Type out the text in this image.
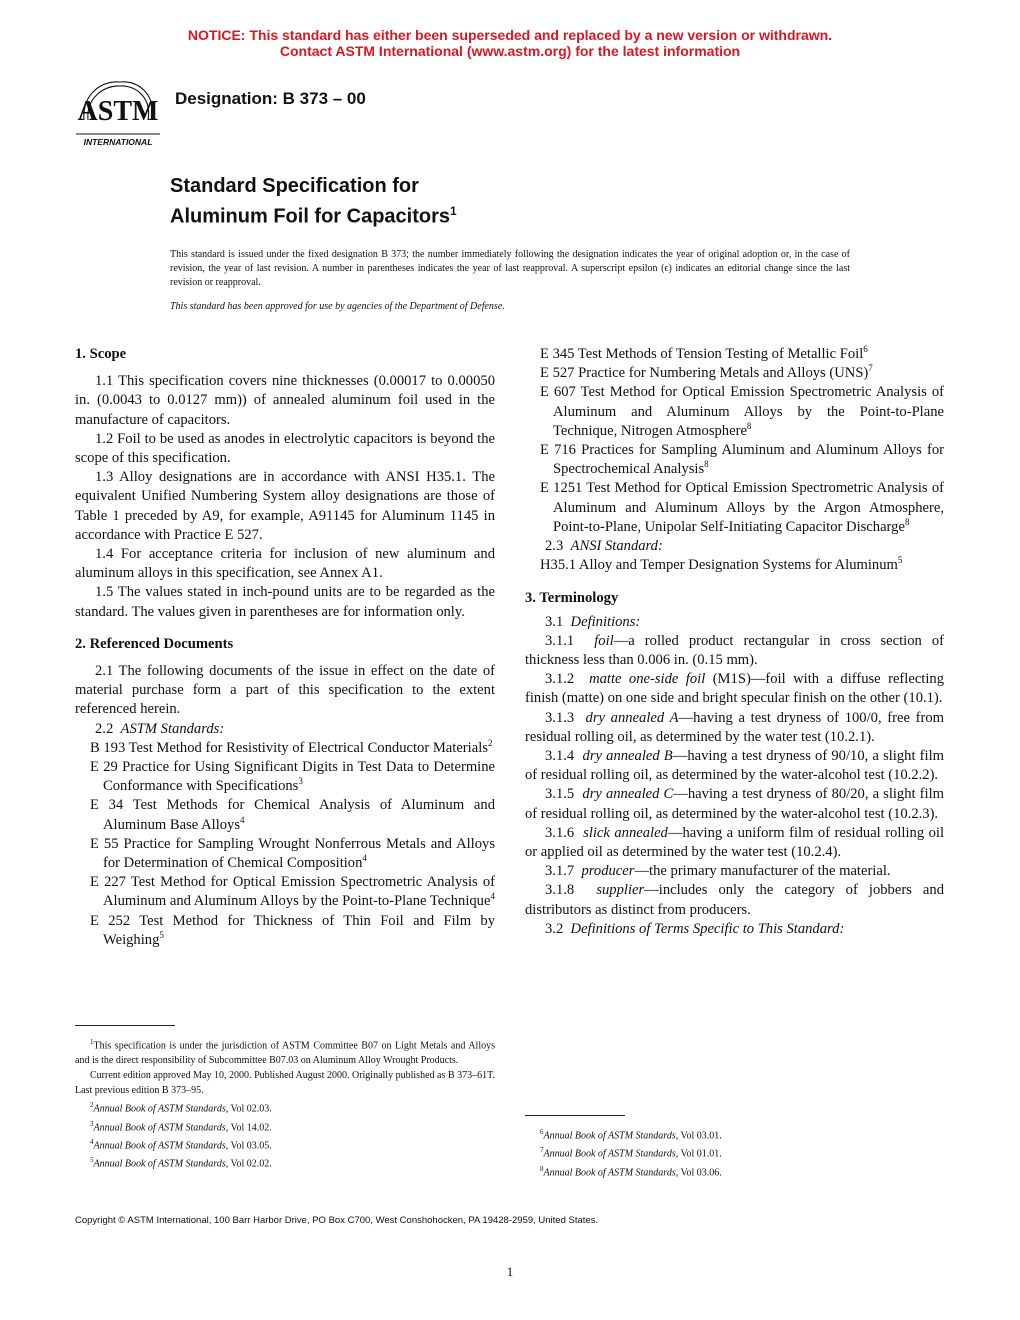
NOTICE: This standard has either been superseded and replaced by a new version or withdrawn.
Contact ASTM International (www.astm.org) for the latest information
ASTM
INTERNATIONAL
Designation: B 373 – 00
Standard Specification for
Aluminum Foil for Capacitors$^1$
This standard is issued under the fixed designation B 373; the number immediately following the designation indicates the year of original adoption or, in the case of revision, the year of last revision. A number in parentheses indicates the year of last reapproval. A superscript epsilon (ϵ) indicates an editorial change since the last revision or reapproval.
This standard has been approved for use by agencies of the Department of Defense.
1. Scope

1.1 This specification covers nine thicknesses (0.00017 to 0.00050 in. (0.0043 to 0.0127 mm)) of annealed aluminum foil used in the manufacture of capacitors.

1.2 Foil to be used as anodes in electrolytic capacitors is beyond the scope of this specification.

1.3 Alloy designations are in accordance with ANSI H35.1. The equivalent Unified Numbering System alloy designations are those of Table 1 preceded by A9, for example, A91145 for Aluminum 1145 in accordance with Practice E 527.

1.4 For acceptance criteria for inclusion of new aluminum and aluminum alloys in this specification, see Annex A1.

1.5 The values stated in inch-pound units are to be regarded as the standard. The values given in parentheses are for information only.

2. Referenced Documents

2.1 The following documents of the issue in effect on the date of material purchase form a part of this specification to the extent referenced herein.

2.2 ASTM Standards:

B 193 Test Method for Resistivity of Electrical Conductor Materials$^2$

E 29 Practice for Using Significant Digits in Test Data to Determine Conformance with Specifications$^3$

E 34 Test Methods for Chemical Analysis of Aluminum and Aluminum Base Alloys$^4$

E 55 Practice for Sampling Wrought Nonferrous Metals and Alloys for Determination of Chemical Composition$^4$

E 227 Test Method for Optical Emission Spectrometric Analysis of Aluminum and Aluminum Alloys by the Point-to-Plane Technique$^4$

E 252 Test Method for Thickness of Thin Foil and Film by Weighing$^5$

E 345 Test Methods of Tension Testing of Metallic Foil$^6$

E 527 Practice for Numbering Metals and Alloys (UNS)$^7$

E 607 Test Method for Optical Emission Spectrometric Analysis of Aluminum and Aluminum Alloys by the Point-to-Plane Technique, Nitrogen Atmosphere$^8$

E 716 Practices for Sampling Aluminum and Aluminum Alloys for Spectrochemical Analysis$^8$

E 1251 Test Method for Optical Emission Spectrometric Analysis of Aluminum and Aluminum Alloys by the Argon Atmosphere, Point-to-Plane, Unipolar Self-Initiating Capacitor Discharge$^8$

2.3 ANSI Standard:

H35.1 Alloy and Temper Designation Systems for Aluminum$^5$

3. Terminology

3.1 Definitions:

3.1.1 foil—a rolled product rectangular in cross section of thickness less than 0.006 in. (0.15 mm).

3.1.2 matte one-side foil (M1S)—foil with a diffuse reflecting finish (matte) on one side and bright specular finish on the other (10.1).

3.1.3 dry annealed A—having a test dryness of 100/0, free from residual rolling oil, as determined by the water test (10.2.1).

3.1.4 dry annealed B—having a test dryness of 90/10, a slight film of residual rolling oil, as determined by the water-alcohol test (10.2.2).

3.1.5 dry annealed C—having a test dryness of 80/20, a slight film of residual rolling oil, as determined by the water-alcohol test (10.2.3).

3.1.6 slick annealed—having a uniform film of residual rolling oil or applied oil as determined by the water test (10.2.4).

3.1.7 producer—the primary manufacturer of the material.

3.1.8 supplier—includes only the category of jobbers and distributors as distinct from producers.

3.2 Definitions of Terms Specific to This Standard:

$^1$This specification is under the jurisdiction of ASTM Committee B07 on Light Metals and Alloys and is the direct responsibility of Subcommittee B07.03 on Aluminum Alloy Wrought Products.

Current edition approved May 10, 2000. Published August 2000. Originally published as B 373–61T. Last previous edition B 373–95.

$^2$Annual Book of ASTM Standards, Vol 02.03.

$^3$Annual Book of ASTM Standards, Vol 14.02.

$^4$Annual Book of ASTM Standards, Vol 03.05.

$^5$Annual Book of ASTM Standards, Vol 02.02.

$^6$Annual Book of ASTM Standards, Vol 03.01.

$^7$Annual Book of ASTM Standards, Vol 01.01.

$^8$Annual Book of ASTM Standards, Vol 03.06.

Copyright © ASTM International, 100 Barr Harbor Drive, PO Box C700, West Conshohocken, PA 19428-2959, United States.
1
